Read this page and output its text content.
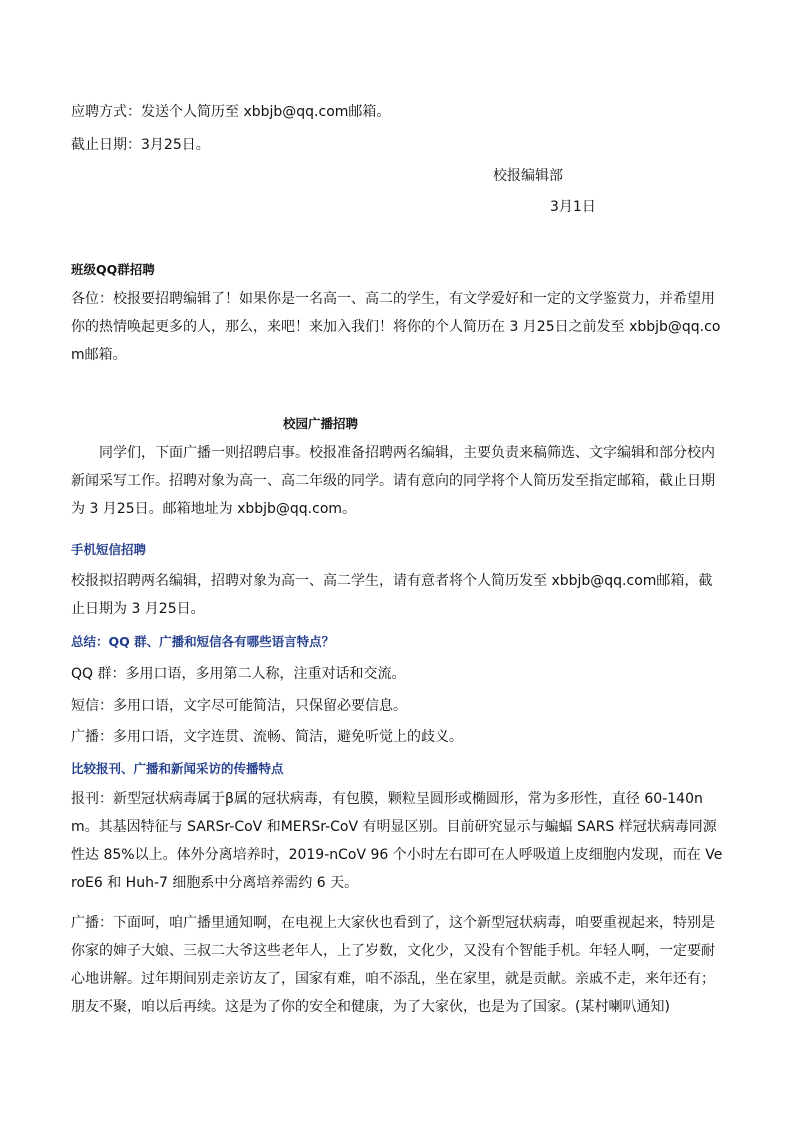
应聘方式：发送个人简历至 xbbjb@qq.com邮箱。
截止日期：3月25日。
校报编辑部
3月1日
班级QQ群招聘
各位：校报要招聘编辑了！如果你是一名高一、高二的学生，有文学爱好和一定的文学鉴赏力，并希望用你的热情唤起更多的人，那么，来吧！来加入我们！将你的个人简历在 3 月25日之前发至 xbbjb@qq.com邮箱。
校园广播招聘
同学们，下面广播一则招聘启事。校报准备招聘两名编辑，主要负责来稿筛选、文字编辑和部分校内新闻采写工作。招聘对象为高一、高二年级的同学。请有意向的同学将个人简历发至指定邮箱，截止日期为 3 月25日。邮箱地址为 xbbjb@qq.com。
手机短信招聘
校报拟招聘两名编辑，招聘对象为高一、高二学生，请有意者将个人简历发至 xbbjb@qq.com邮箱，截止日期为 3 月25日。
总结：QQ 群、广播和短信各有哪些语言特点？
QQ 群：多用口语，多用第二人称，注重对话和交流。
短信：多用口语，文字尽可能简洁，只保留必要信息。
广播：多用口语，文字连贯、流畅、简洁，避免听觉上的歧义。
比较报刊、广播和新闻采访的传播特点
报刊：新型冠状病毒属于β属的冠状病毒，有包膜，颗粒呈圆形或椭圆形，常为多形性，直径 60-140nm。其基因特征与 SARSr-CoV 和MERSr-CoV 有明显区别。目前研究显示与蝙蝠 SARS 样冠状病毒同源性达 85%以上。体外分离培养时，2019-nCoV 96 个小时左右即可在人呼吸道上皮细胞内发现，而在 VeroE6 和 Huh-7 细胞系中分离培养需约 6 天。
广播：下面呵，咱广播里通知啊，在电视上大家伙也看到了，这个新型冠状病毒，咱要重视起来，特别是你家的婶子大娘、三叔二大爷这些老年人，上了岁数，文化少，又没有个智能手机。年轻人啊，一定要耐心地讲解。过年期间别走亲访友了，国家有难，咱不添乱，坐在家里，就是贡献。亲戚不走，来年还有；朋友不聚，咱以后再续。这是为了你的安全和健康，为了大家伙，也是为了国家。(某村喇叭通知)
